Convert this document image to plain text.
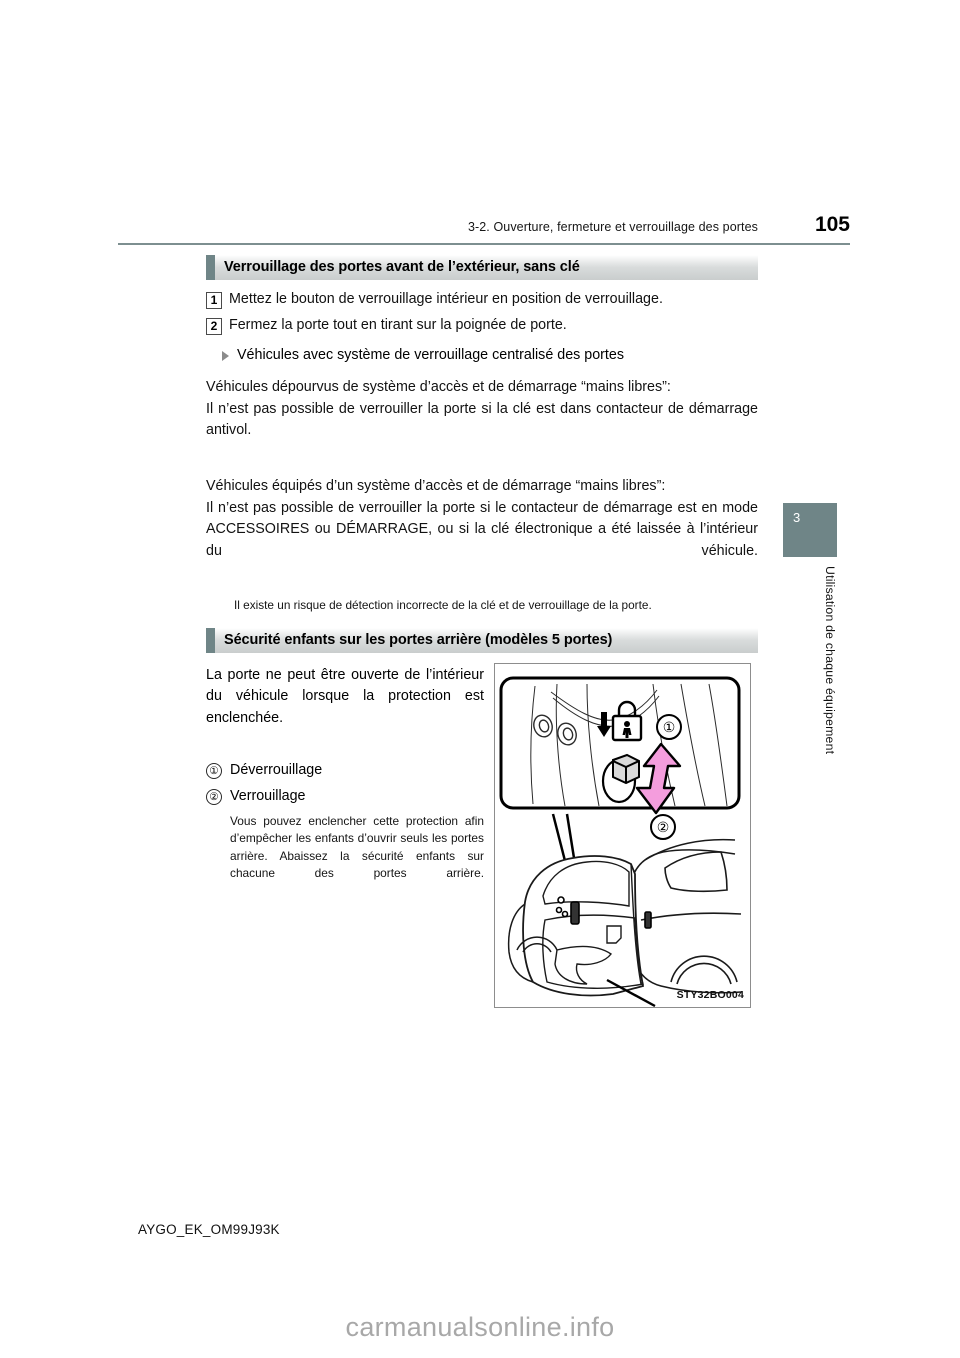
3-2. Ouverture, fermeture et verrouillage des portes	105
Verrouillage des portes avant de l’extérieur, sans clé
1 Mettez le bouton de verrouillage intérieur en position de verrouillage.
2 Fermez la porte tout en tirant sur la poignée de porte.
Véhicules avec système de verrouillage centralisé des portes
Véhicules dépourvus de système d’accès et de démarrage “mains libres”:
Il n’est pas possible de verrouiller la porte si la clé est dans contacteur de démarrage antivol.
Véhicules équipés d’un système d’accès et de démarrage “mains libres”:
Il n’est pas possible de verrouiller la porte si le contacteur de démarrage est en mode ACCESSOIRES ou DÉMARRAGE, ou si la clé électronique a été laissée à l’intérieur du véhicule.
Il existe un risque de détection incorrecte de la clé et de verrouillage de la porte.
Sécurité enfants sur les portes arrière (modèles 5 portes)
La porte ne peut être ouverte de l’intérieur du véhicule lorsque la protection est enclenchée.
① Déverrouillage
② Verrouillage
Vous pouvez enclencher cette protection afin d’empêcher les enfants d’ouvrir seuls les portes arrière. Abaissez la sécurité enfants sur chacune des portes arrière.
①
②
STY32BO004
3
Utilisation de chaque équipement
AYGO_EK_OM99J93K
carmanualsonline.info
